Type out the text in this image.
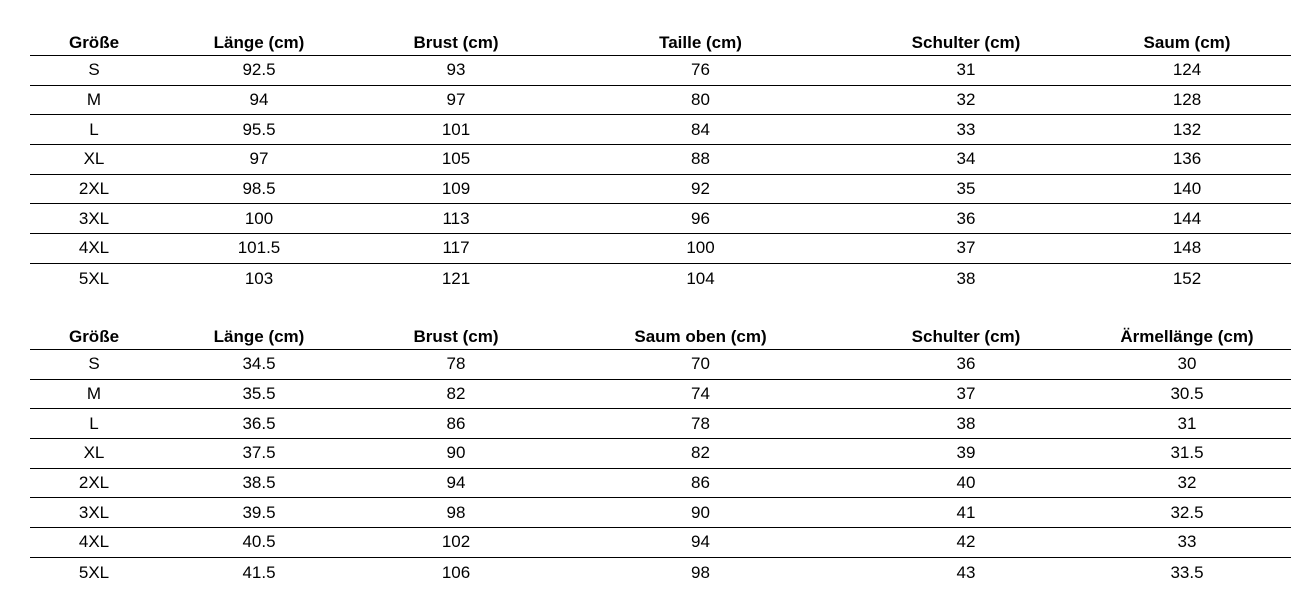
Größe	Länge (cm)	Brust (cm)	Taille (cm)	Schulter (cm)	Saum (cm)
S	92.5	93	76	31	124
M	94	97	80	32	128
L	95.5	101	84	33	132
XL	97	105	88	34	136
2XL	98.5	109	92	35	140
3XL	100	113	96	36	144
4XL	101.5	117	100	37	148
5XL	103	121	104	38	152
Größe	Länge (cm)	Brust (cm)	Saum oben (cm)	Schulter (cm)	Ärmellänge (cm)
S	34.5	78	70	36	30
M	35.5	82	74	37	30.5
L	36.5	86	78	38	31
XL	37.5	90	82	39	31.5
2XL	38.5	94	86	40	32
3XL	39.5	98	90	41	32.5
4XL	40.5	102	94	42	33
5XL	41.5	106	98	43	33.5
